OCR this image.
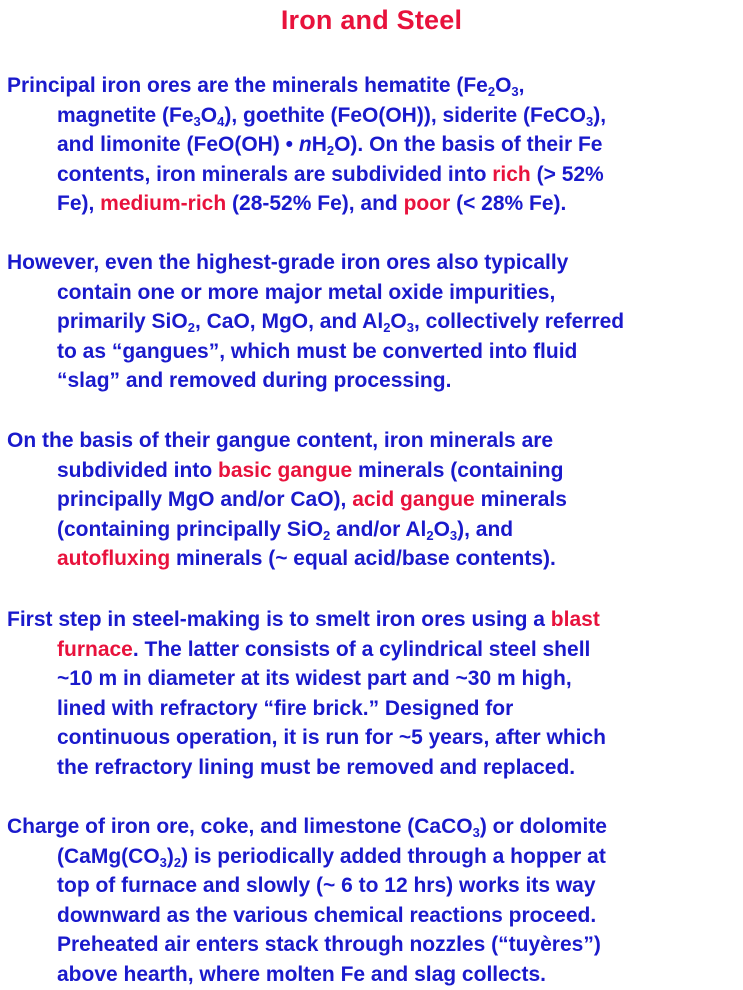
Iron and Steel
Principal iron ores are the minerals hematite ($Fe_2O_3$,
magnetite $(Fe_3O_4)$, goethite (FeO(OH)), siderite (FeCO$_3$),
and limonite (FeO(OH) • $nH_2O$). On the basis of their Fe
contents, iron minerals are subdivided into rich (> 52%
Fe), medium-rich (28-52% Fe), and poor (< 28% Fe).
However, even the highest-grade iron ores also typically
contain one or more major metal oxide impurities,
primarily SiO$_2$, CaO, MgO, and $Al_2O_3$, collectively referred
to as “gangues”, which must be converted into fluid
“slag” and removed during processing.
On the basis of their gangue content, iron minerals are
subdivided into basic gangue minerals (containing
principally MgO and/or CaO), acid gangue minerals
(containing principally SiO$_2$ and/or $Al_2O_3$), and
autofluxing minerals (~ equal acid/base contents).
First step in steel-making is to smelt iron ores using a blast
furnace. The latter consists of a cylindrical steel shell
~10 m in diameter at its widest part and ~30 m high,
lined with refractory “fire brick.” Designed for
continuous operation, it is run for ~5 years, after which
the refractory lining must be removed and replaced.
Charge of iron ore, coke, and limestone (CaCO$_3$) or dolomite
$(CaMg(CO_3)_2)$ is periodically added through a hopper at
top of furnace and slowly (~ 6 to 12 hrs) works its way
downward as the various chemical reactions proceed.
Preheated air enters stack through nozzles (“tuyères”)
above hearth, where molten Fe and slag collects.
